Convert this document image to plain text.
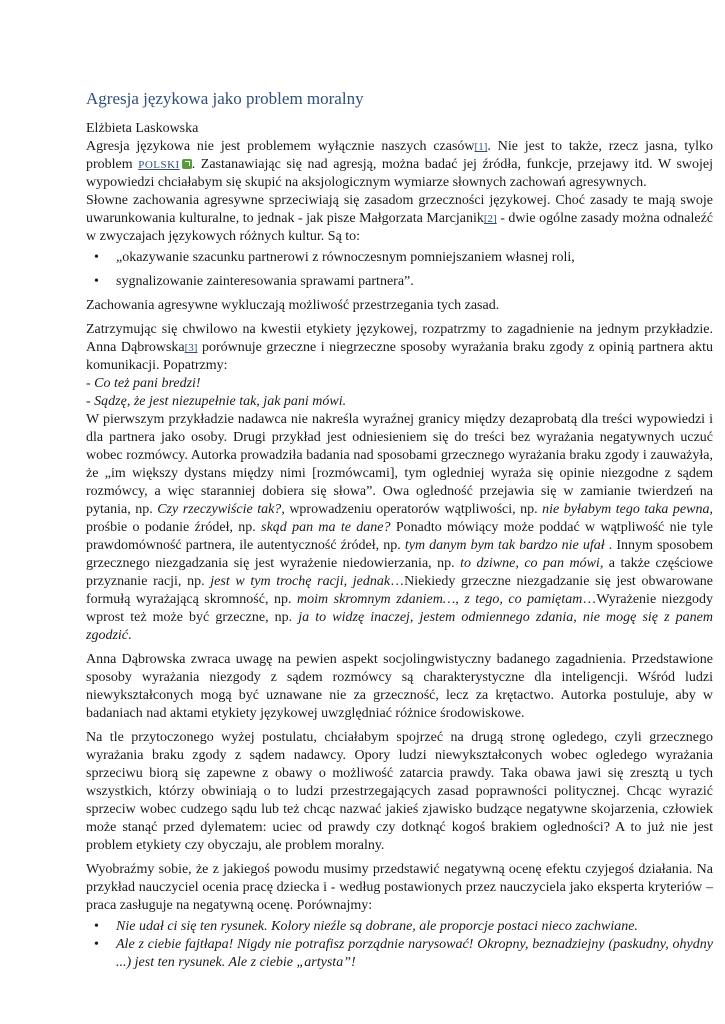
Agresja językowa jako problem moralny
Elżbieta Laskowska

Agresja językowa nie jest problemem wyłącznie naszych czasów[1]. Nie jest to także, rzecz jasna, tylko problem POLSKI . Zastanawiając się nad agresją, można badać jej źródła, funkcje, przejawy itd. W swojej wypowiedzi chciałabym się skupić na aksjologicznym wymiarze słownych zachowań agresywnych.

Słowne zachowania agresywne sprzeciwiają się zasadom grzeczności językowej. Choć zasady te mają swoje uwarunkowania kulturalne, to jednak - jak pisze Małgorzata Marcjanik[2] - dwie ogólne zasady można odnaleźć w zwyczajach językowych różnych kultur. Są to:

• „okazywanie szacunku partnerowi z równoczesnym pomniejszaniem własnej roli,
• sygnalizowanie zainteresowania sprawami partnera”.

Zachowania agresywne wykluczają możliwość przestrzegania tych zasad.

Zatrzymując się chwilowo na kwestii etykiety językowej, rozpatrzmy to zagadnienie na jednym przykładzie. Anna Dąbrowska[3] porównuje grzeczne i niegrzeczne sposoby wyrażania braku zgody z opinią partnera aktu komunikacji. Popatrzmy:
- Co też pani bredzi!
- Sądzę, że jest niezupełnie tak, jak pani mówi.
W pierwszym przykładzie nadawca nie nakreśla wyraźnej granicy między dezaprobatą dla treści wypowiedzi i dla partnera jako osoby. Drugi przykład jest odniesieniem się do treści bez wyrażania negatywnych uczuć wobec rozmówcy. Autorka prowadziła badania nad sposobami grzecznego wyrażania braku zgody i zauważyła, że „im większy dystans między nimi [rozmówcami], tym ogledniej wyraża się opinie niezgodne z sądem rozmówcy, a więc staranniej dobiera się słowa”. Owa ogledność przejawia się w zamianie twierdzeń na pytania, np. Czy rzeczywiście tak?, wprowadzeniu operatorów wątpliwości, np. nie byłabym tego taka pewna, prośbie o podanie źródeł, np. skąd pan ma te dane? Ponadto mówiący może poddać w wątpliwość nie tyle prawdomówność partnera, ile autentyczność źródeł, np. tym danym bym tak bardzo nie ufał . Innym sposobem grzecznego niezgadzania się jest wyrażenie niedowierzania, np. to dziwne, co pan mówi, a także częściowe przyznanie racji, np. jest w tym trochę racji, jednak…Niekiedy grzeczne niezgadzanie się jest obwarowane formułą wyrażającą skromność, np. moim skromnym zdaniem…, z tego, co pamiętam…Wyrażenie niezgody wprost też może być grzeczne, np. ja to widzę inaczej, jestem odmiennego zdania, nie mogę się z panem zgodzić.

Anna Dąbrowska zwraca uwagę na pewien aspekt socjolingwistyczny badanego zagadnienia. Przedstawione sposoby wyrażania niezgody z sądem rozmówcy są charakterystyczne dla inteligencji. Wśród ludzi niewykształconych mogą być uznawane nie za grzeczność, lecz za krętactwo. Autorka postuluje, aby w badaniach nad aktami etykiety językowej uwzględniać różnice środowiskowe.

Na tle przytoczonego wyżej postulatu, chciałabym spojrzeć na drugą stronę ogledego, czyli grzecznego wyrażania braku zgody z sądem nadawcy. Opory ludzi niewykształconych wobec ogledego wyrażania sprzeciwu biorą się zapewne z obawy o możliwość zatarcia prawdy. Taka obawa jawi się zresztą u tych wszystkich, którzy obwiniają o to ludzi przestrzegających zasad poprawności politycznej. Chcąc wyrazić sprzeciw wobec cudzego sądu lub też chcąc nazwać jakieś zjawisko budzące negatywne skojarzenia, człowiek może stanąć przed dylematem: uciec od prawdy czy dotknąć kogoś brakiem ogledności? A to już nie jest problem etykiety czy obyczaju, ale problem moralny.

Wyobraźmy sobie, że z jakiegoś powodu musimy przedstawić negatywną ocenę efektu czyjegoś działania. Na przykład nauczyciel ocenia pracę dziecka i - według postawionych przez nauczyciela jako eksperta kryteriów – praca zasługuje na negatywną ocenę. Porównajmy:

• Nie udał ci się ten rysunek. Kolory nieźle są dobrane, ale proporcje postaci nieco zachwiane.
• Ale z ciebie fajtłapa! Nigdy nie potrafisz porządnie narysować! Okropny, beznadziejny (paskudny, ohydny ...) jest ten rysunek. Ale z ciebie „artysta”!
